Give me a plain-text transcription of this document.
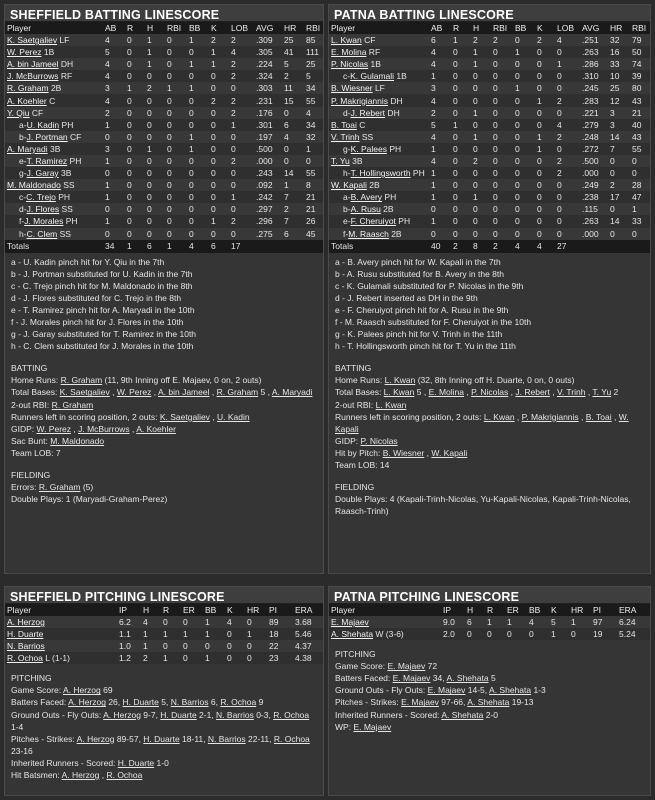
SHEFFIELD BATTING LINESCORE
Player	AB	R	H	RBI	BB	K	LOB	AVG	HR	RBI
K. Saetgaliev LF	4	0	1	0	1	2	2	.309	25	85
W. Perez 1B	5	0	1	0	0	1	4	.305	41	111
A. bin Jameel DH	4	0	1	0	1	1	2	.224	5	25
J. McBurrows RF	4	0	0	0	0	0	2	.324	2	5
R. Graham 2B	3	1	2	1	1	0	0	.303	11	34
A. Koehler C	4	0	0	0	0	2	2	.231	15	55
Y. Qiu CF	2	0	0	0	0	0	2	.176	0	4
a-U. Kadin PH	1	0	0	0	0	0	1	.301	6	34
b-J. Portman CF	0	0	0	0	1	0	0	.197	4	32
A. Maryadi 3B	3	0	1	0	1	0	0	.500	0	1
e-T. Ramirez PH	1	0	0	0	0	0	2	.000	0	0
g-J. Garay 3B	0	0	0	0	0	0	0	.243	14	55
M. Maldonado SS	1	0	0	0	0	0	0	.092	1	8
c-C. Trejo PH	1	0	0	0	0	0	1	.242	7	21
d-J. Flores SS	0	0	0	0	0	0	0	.297	2	21
f-J. Morales PH	1	0	0	0	0	1	2	.296	7	26
h-C. Clem SS	0	0	0	0	0	0	0	.275	6	45
Totals	34	1	6	1	4	6	17			
a - U. Kadin pinch hit for Y. Qiu in the 7th
b - J. Portman substituted for U. Kadin in the 7th
c - C. Trejo pinch hit for M. Maldonado in the 8th
d - J. Flores substituted for C. Trejo in the 8th
e - T. Ramirez pinch hit for A. Maryadi in the 10th
f - J. Morales pinch hit for J. Flores in the 10th
g - J. Garay substituted for T. Ramirez in the 10th
h - C. Clem substituted for J. Morales in the 10th
BATTING
Home Runs: R. Graham (11, 9th Inning off E. Majaev, 0 on, 2 outs)
Total Bases: K. Saetgaliev , W. Perez , A. bin Jameel , R. Graham 5 , A. Maryadi
2-out RBI: R. Graham
Runners left in scoring position, 2 outs: K. Saetgaliev , U. Kadin
GIDP: W. Perez , J. McBurrows , A. Koehler
Sac Bunt: M. Maldonado
Team LOB: 7
FIELDING
Errors: R. Graham (5)
Double Plays: 1 (Maryadi-Graham-Perez)
PATNA BATTING LINESCORE
Player	AB	R	H	RBI	BB	K	LOB	AVG	HR	RBI
L. Kwan CF	6	1	2	2	0	2	4	.251	32	79
E. Molina RF	4	0	1	0	1	0	0	.263	16	50
P. Nicolas 1B	4	0	1	0	0	0	1	.286	33	74
c-K. Gulamali 1B	1	0	0	0	0	0	0	.310	10	39
B. Wiesner LF	3	0	0	0	1	0	0	.245	25	80
P. Makrigiannis DH	4	0	0	0	0	1	2	.283	12	43
d-J. Rebert DH	2	0	1	0	0	0	0	.221	3	21
B. Toai C	5	1	0	0	0	0	4	.279	3	40
V. Trinh SS	4	0	1	0	0	1	2	.248	14	43
g-K. Palees PH	1	0	0	0	0	1	0	.272	7	55
T. Yu 3B	4	0	2	0	0	0	2	.500	0	0
h-T. Hollingsworth PH	1	0	0	0	0	0	2	.000	0	0
W. Kapali 2B	1	0	0	0	0	0	0	.249	2	28
a-B. Avery PH	1	0	1	0	0	0	0	.238	17	47
b-A. Rusu 2B	0	0	0	0	0	0	0	.115	0	1
e-F. Cheruiyot PH	1	0	0	0	0	0	0	.263	14	33
f-M. Raasch 2B	0	0	0	0	0	0	0	.000	0	0
Totals	40	2	8	2	4	4	27			
a - B. Avery pinch hit for W. Kapali in the 7th
b - A. Rusu substituted for B. Avery in the 8th
c - K. Gulamali substituted for P. Nicolas in the 9th
d - J. Rebert inserted as DH in the 9th
e - F. Cheruiyot pinch hit for A. Rusu in the 9th
f - M. Raasch substituted for F. Cheruiyot in the 10th
g - K. Palees pinch hit for V. Trinh in the 11th
h - T. Hollingsworth pinch hit for T. Yu in the 11th
BATTING
Home Runs: L. Kwan (32, 8th Inning off H. Duarte, 0 on, 0 outs)
Total Bases: L. Kwan 5 , E. Molina , P. Nicolas , J. Rebert , V. Trinh , T. Yu 2
2-out RBI: L. Kwan
Runners left in scoring position, 2 outs: L. Kwan , P. Makrigiannis , B. Toai , W.
Kapali
GIDP: P. Nicolas
Hit by Pitch: B. Wiesner , W. Kapali
Team LOB: 14
FIELDING
Double Plays: 4 (Kapali-Trinh-Nicolas, Yu-Kapali-Nicolas, Kapali-Trinh-Nicolas,
Raasch-Trinh)
SHEFFIELD PITCHING LINESCORE
Player	IP	H	R	ER	BB	K	HR	PI	ERA
A. Herzog	6.2	4	0	0	1	4	0	89	3.68
H. Duarte	1.1	1	1	1	1	0	1	18	5.46
N. Barrios	1.0	1	0	0	0	0	0	22	4.37
R. Ochoa L (1-1)	1.2	2	1	0	1	0	0	23	4.38
PITCHING
Game Score: A. Herzog 69
Batters Faced: A. Herzog 26, H. Duarte 5, N. Barrios 6, R. Ochoa 9
Ground Outs - Fly Outs: A. Herzog 9-7, H. Duarte 2-1, N. Barrios 0-3, R. Ochoa
1-4
Pitches - Strikes: A. Herzog 89-57, H. Duarte 18-11, N. Barrios 22-11, R. Ochoa
23-16
Inherited Runners - Scored: H. Duarte 1-0
Hit Batsmen: A. Herzog , R. Ochoa
PATNA PITCHING LINESCORE
Player	IP	H	R	ER	BB	K	HR	PI	ERA
E. Majaev	9.0	6	1	1	4	5	1	97	6.24
A. Shehata W (3-6)	2.0	0	0	0	0	1	0	19	5.24
PITCHING
Game Score: E. Majaev 72
Batters Faced: E. Majaev 34, A. Shehata 5
Ground Outs - Fly Outs: E. Majaev 14-5, A. Shehata 1-3
Pitches - Strikes: E. Majaev 97-66, A. Shehata 19-13
Inherited Runners - Scored: A. Shehata 2-0
WP: E. Majaev
